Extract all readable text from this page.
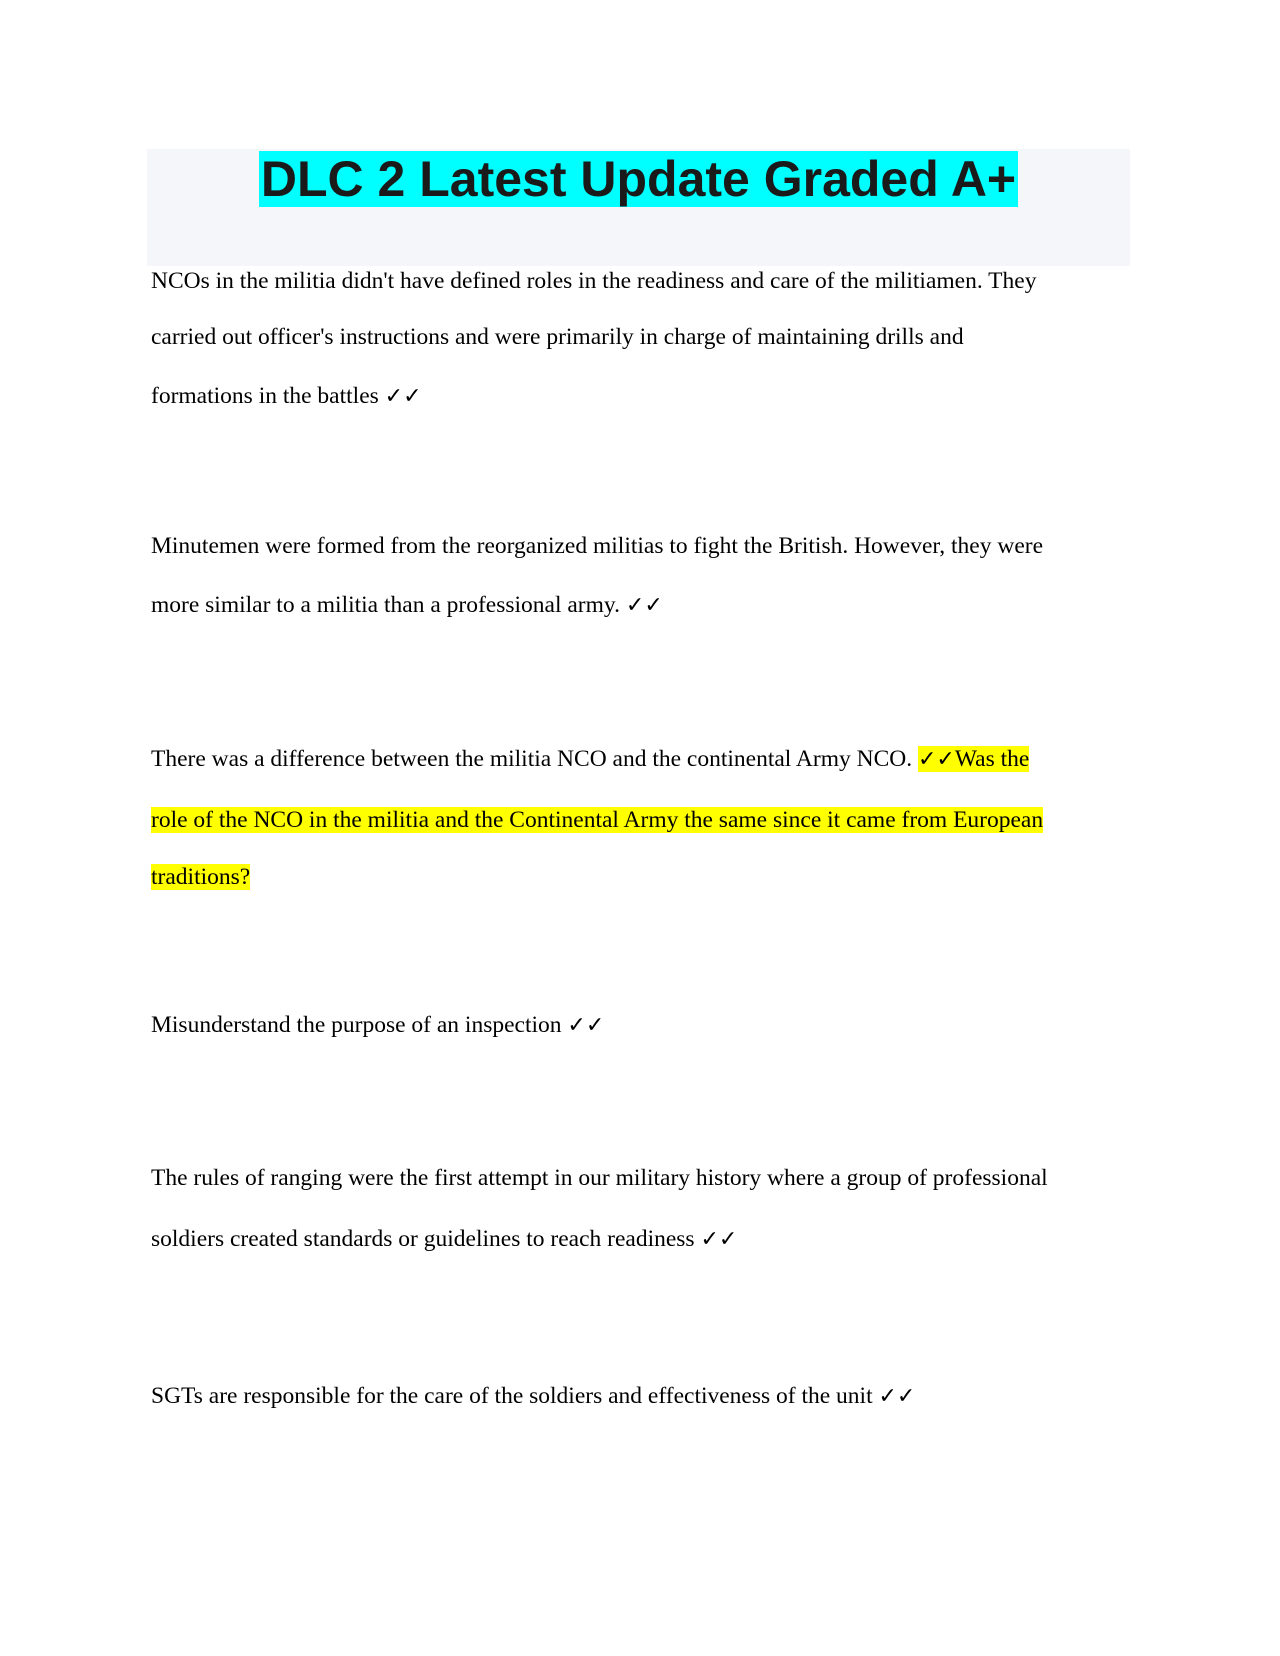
DLC 2 Latest Update Graded A+
NCOs in the militia didn't have defined roles in the readiness and care of the militiamen. They
carried out officer's instructions and were primarily in charge of maintaining drills and
formations in the battles ✓✓
Minutemen were formed from the reorganized militias to fight the British. However, they were
more similar to a militia than a professional army. ✓✓
There was a difference between the militia NCO and the continental Army NCO. ✓✓Was the
role of the NCO in the militia and the Continental Army the same since it came from European
traditions?
Misunderstand the purpose of an inspection ✓✓
The rules of ranging were the first attempt in our military history where a group of professional
soldiers created standards or guidelines to reach readiness ✓✓
SGTs are responsible for the care of the soldiers and effectiveness of the unit ✓✓
